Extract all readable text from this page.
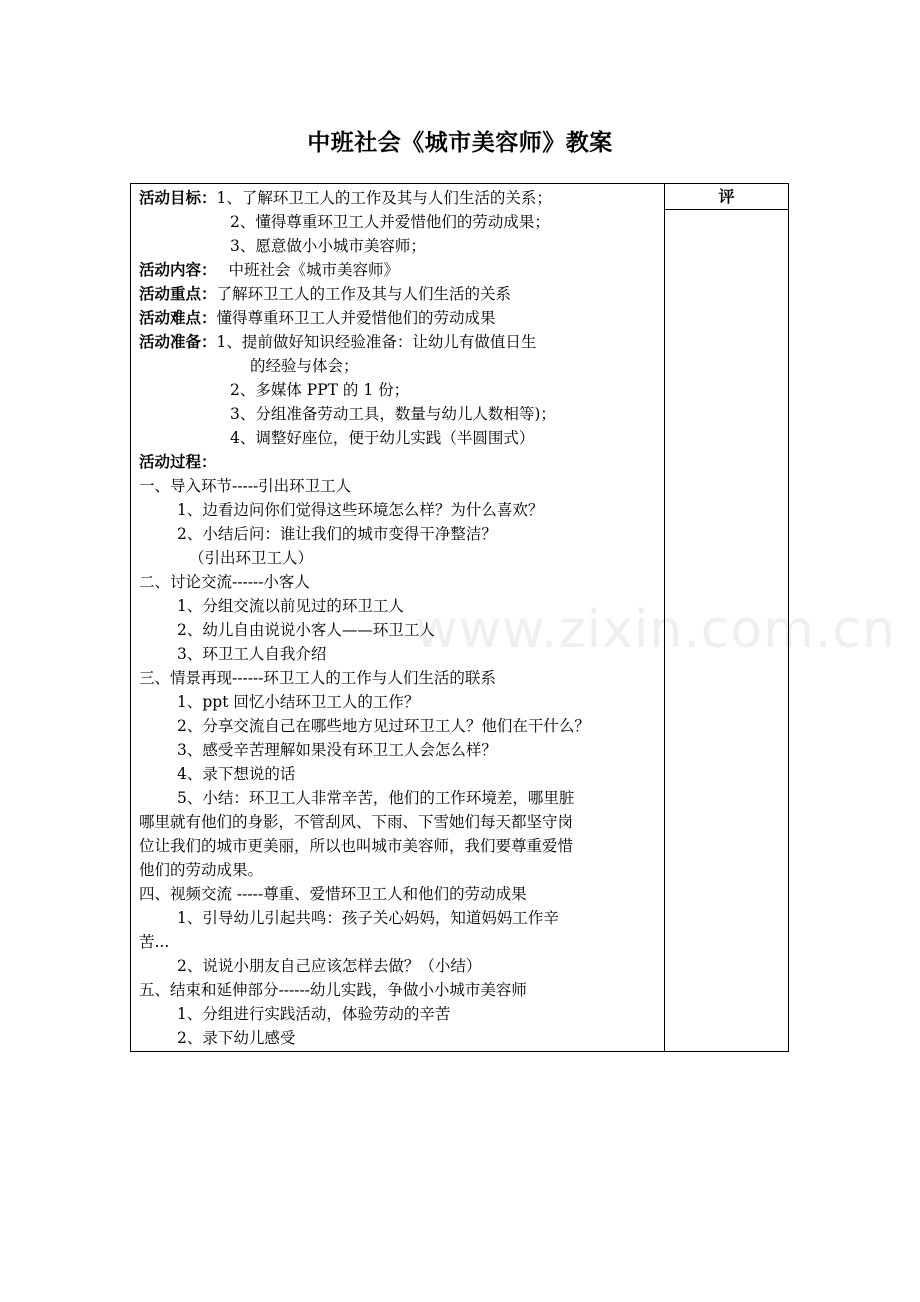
中班社会《城市美容师》教案
www.zixin.com.cn
评
活动目标：1、了解环卫工人的工作及其与人们生活的关系；
2、懂得尊重环卫工人并爱惜他们的劳动成果；
3、愿意做小小城市美容师；
活动内容： 中班社会《城市美容师》
活动重点：了解环卫工人的工作及其与人们生活的关系
活动难点：懂得尊重环卫工人并爱惜他们的劳动成果
活动准备：1、提前做好知识经验准备：让幼儿有做值日生
的经验与体会；
2、多媒体 PPT 的 1 份；
3、分组准备劳动工具，数量与幼儿人数相等)；
4、调整好座位，便于幼儿实践（半圆围式）
活动过程：
一、导入环节-----引出环卫工人
1、边看边问你们觉得这些环境怎么样？为什么喜欢？
2、小结后问：谁让我们的城市变得干净整洁？
（引出环卫工人）
二、讨论交流------小客人
1、分组交流以前见过的环卫工人
2、幼儿自由说说小客人——环卫工人
3、环卫工人自我介绍
三、情景再现------环卫工人的工作与人们生活的联系
1、ppt 回忆小结环卫工人的工作？
2、分享交流自己在哪些地方见过环卫工人？他们在干什么？
3、感受辛苦理解如果没有环卫工人会怎么样？
4、录下想说的话
5、小结：环卫工人非常辛苦，他们的工作环境差，哪里脏
哪里就有他们的身影，不管刮风、下雨、下雪她们每天都坚守岗
位让我们的城市更美丽，所以也叫城市美容师，我们要尊重爱惜
他们的劳动成果。
四、视频交流 -----尊重、爱惜环卫工人和他们的劳动成果
1、引导幼儿引起共鸣：孩子关心妈妈，知道妈妈工作辛
苦...
2、说说小朋友自己应该怎样去做？（小结）
五、结束和延伸部分------幼儿实践，争做小小城市美容师
1、分组进行实践活动，体验劳动的辛苦
2、录下幼儿感受
